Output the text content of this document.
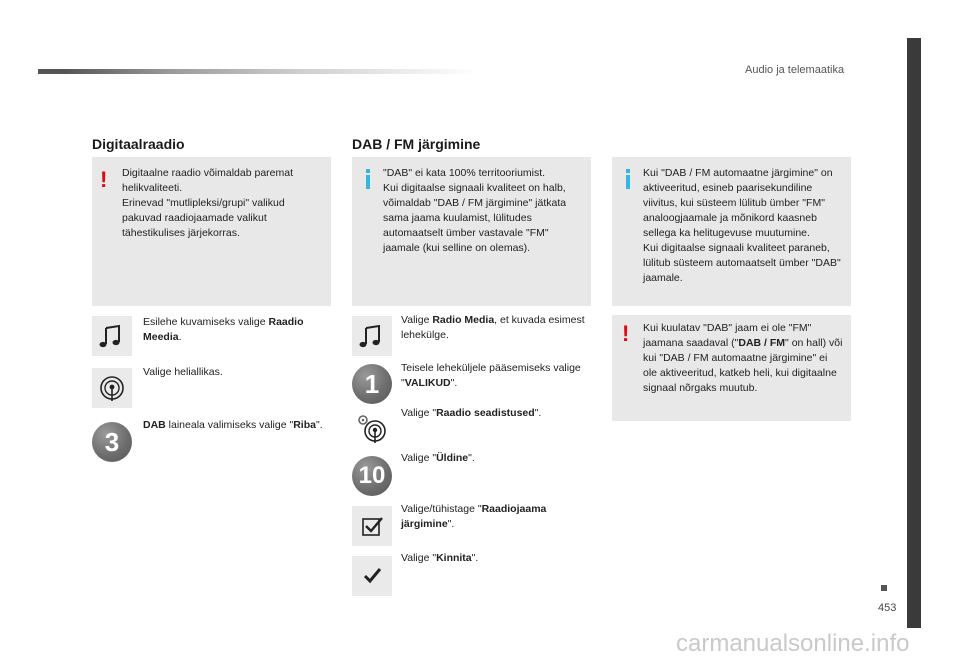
Audio ja telemaatika
453
Digitaalraadio
! Digitaalne raadio võimaldab paremat helikvaliteeti.
Erinevad "mutlipleksi/grupi" valikud pakuvad raadiojaamade valikut tähestikulises järjekorras.
Esilehe kuvamiseks valige Raadio Meedia.
Valige heliallikas.
3
DAB laineala valimiseks valige "Riba".
DAB / FM järgimine
"DAB" ei kata 100% territooriumist.
Kui digitaalse signaali kvaliteet on halb, võimaldab "DAB / FM järgimine" jätkata sama jaama kuulamist, lülitudes automaatselt ümber vastavale "FM" jaamale (kui selline on olemas).
Kui "DAB / FM automaatne järgimine" on aktiveeritud, esineb paarisekundiline viivitus, kui süsteem lülitub ümber "FM" analoogjaamale ja mõnikord kaasneb sellega ka helitugevuse muutumine.
Kui digitaalse signaali kvaliteet paraneb, lülitub süsteem automaatselt ümber "DAB" jaamale.
! Kui kuulatav "DAB" jaam ei ole "FM" jaamana saadaval ("DAB / FM" on hall) või kui "DAB / FM automaatne järgimine" ei ole aktiveeritud, katkeb heli, kui digitaalne signaal nõrgaks muutub.
Valige Radio Media, et kuvada esimest lehekülge.
1
Teisele leheküljele pääsemiseks valige "VALIKUD".
Valige "Raadio seadistused".
10
Valige "Üldine".
Valige/tühistage "Raadiojaama järgimine".
Valige "Kinnita".
carmanualsonline.info
